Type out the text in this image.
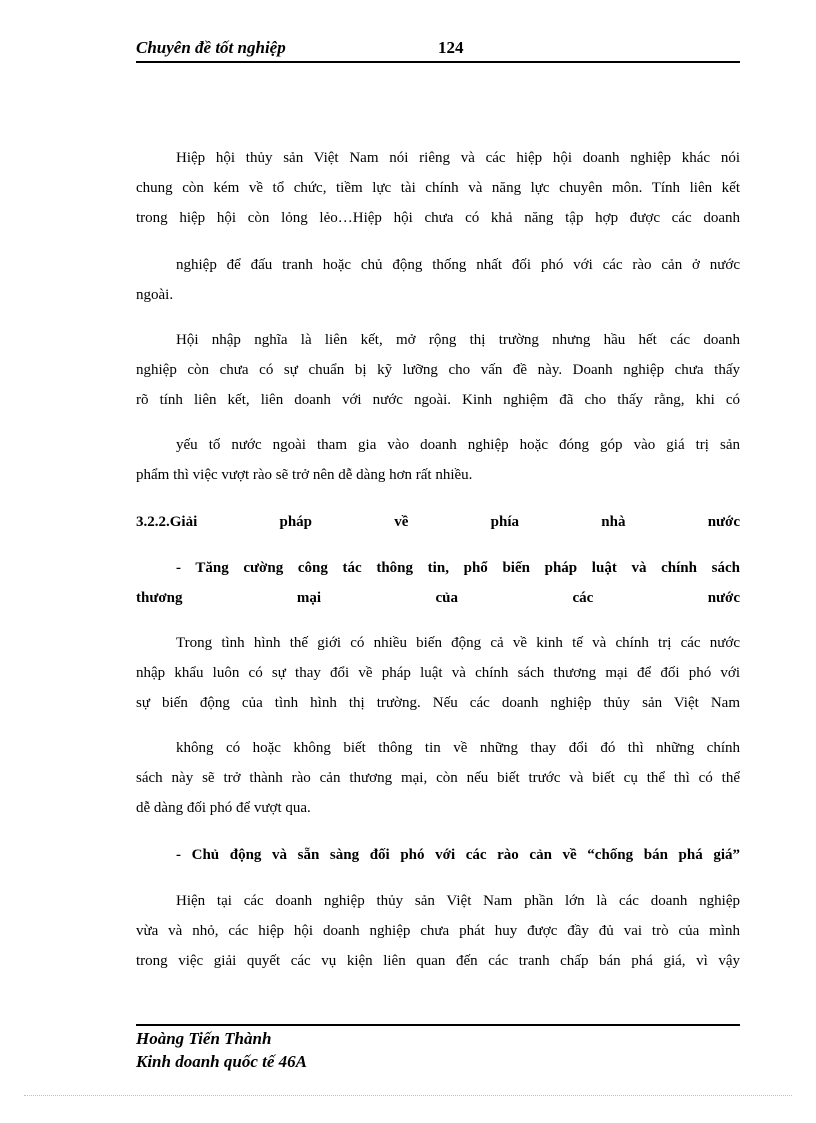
Chuyên đề tốt nghiệp	124
Hiệp hội thủy sản Việt Nam nói riêng và các hiệp hội doanh nghiệp khác nói
chung còn kém về tổ chức, tiềm lực tài chính và năng lực chuyên môn. Tính liên kết
trong hiệp hội còn lỏng lẻo…Hiệp hội chưa có khả năng tập hợp được các doanh
nghiệp để đấu tranh hoặc chủ động thống nhất đối phó với các rào cản ở nước
ngoài.
Hội nhập nghĩa là liên kết, mở rộng thị trường nhưng hầu hết các doanh
nghiệp còn chưa có sự chuẩn bị kỹ lưỡng cho vấn đề này. Doanh nghiệp chưa thấy
rõ tính liên kết, liên doanh với nước ngoài. Kinh nghiệm đã cho thấy rằng, khi có
yếu tố nước ngoài tham gia vào doanh nghiệp hoặc đóng góp vào giá trị sản
phẩm thì việc vượt rào sẽ trở nên dễ dàng hơn rất nhiều.
3.2.2.Giải	pháp	về	phía	nhà	nước
- Tăng cường công tác thông tin, phổ biến pháp luật và chính sách
thương	mại	của	các	nước
Trong tình hình thế giới có nhiều biến động cả về kinh tế và chính trị các nước
nhập khẩu luôn có sự thay đổi về pháp luật và chính sách thương mại để đối phó với
sự biến động của tình hình thị trường. Nếu các doanh nghiệp thủy sản Việt Nam
không có hoặc không biết thông tin về những thay đổi đó thì những chính
sách này sẽ trở thành rào cản thương mại, còn nếu biết trước và biết cụ thể thì có thể
dễ dàng đối phó để vượt qua.
- Chủ động và sẵn sàng đối phó với các rào cản về “chống bán phá giá”
Hiện tại các doanh nghiệp thủy sản Việt Nam phần lớn là các doanh nghiệp
vừa và nhỏ, các hiệp hội doanh nghiệp chưa phát huy được đầy đủ vai trò của mình
trong việc giải quyết các vụ kiện liên quan đến các tranh chấp bán phá giá, vì vậy
Hoàng Tiến Thành
Kinh doanh quốc tế 46A
